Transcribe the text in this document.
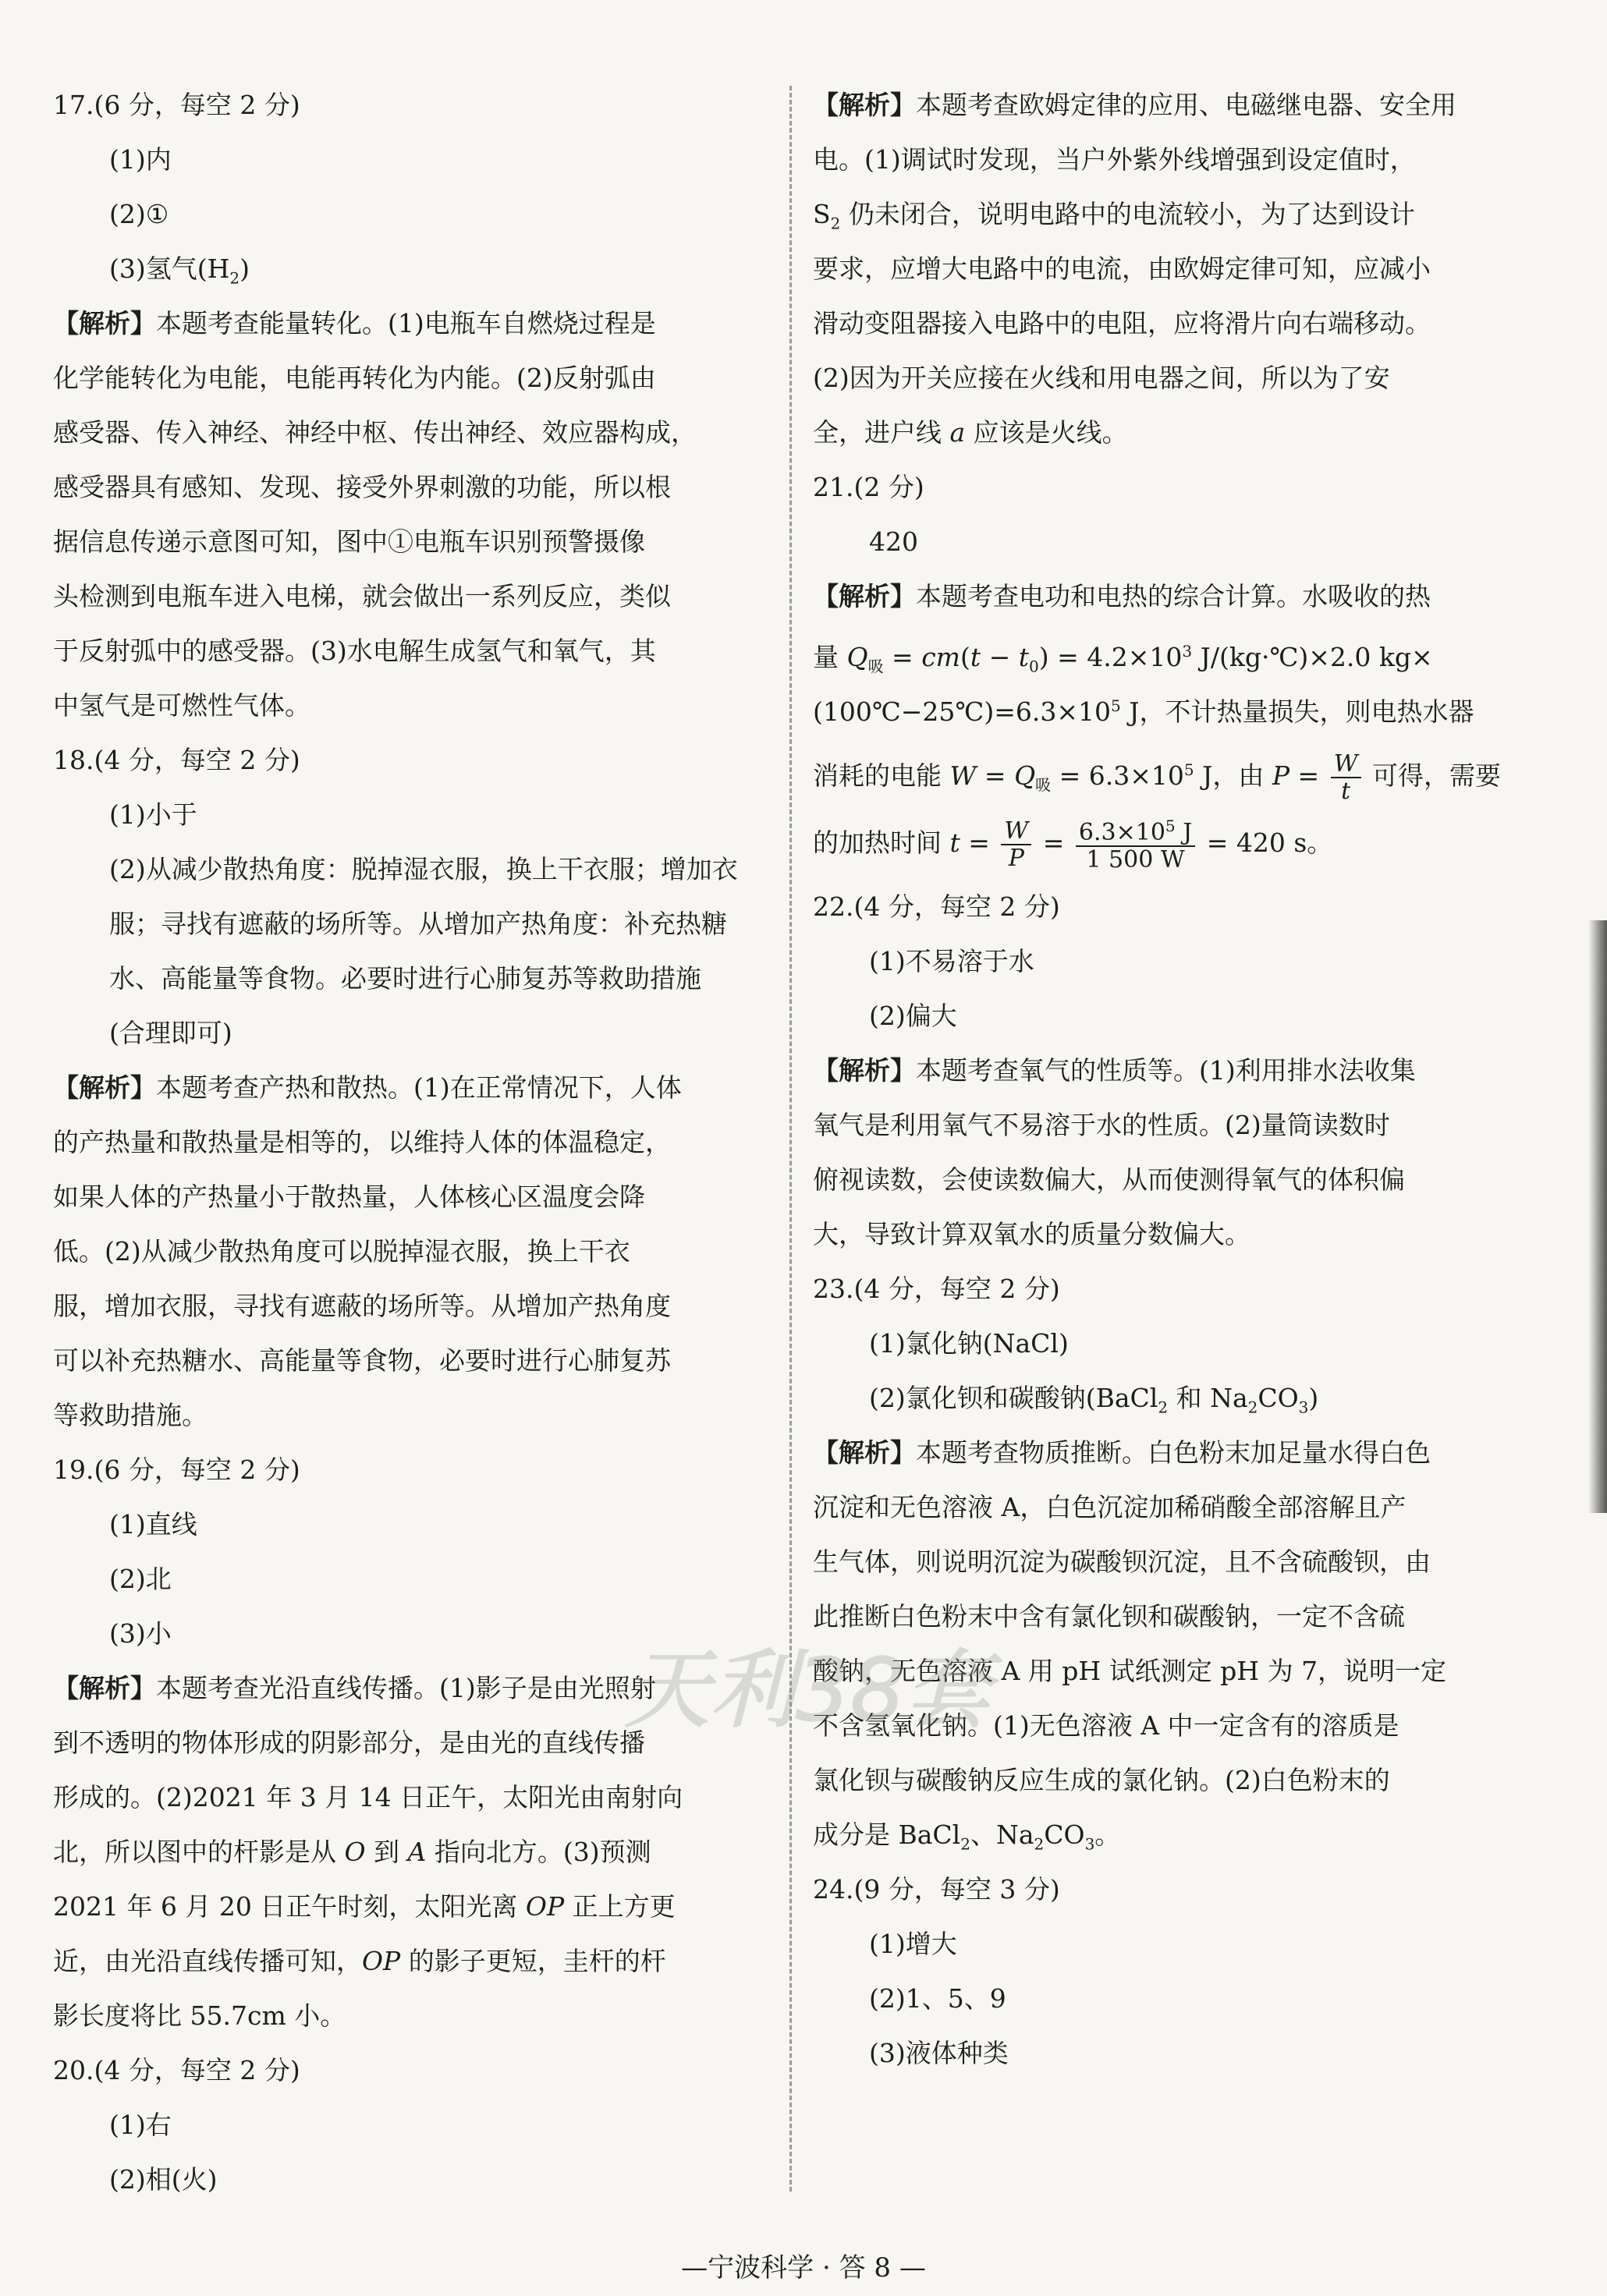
17.(6 分，每空 2 分)
(1)内
(2)①
(3)氢气$(H_2)$
【解析】本题考查能量转化。(1)电瓶车自燃烧过程是
化学能转化为电能，电能再转化为内能。(2)反射弧由
感受器、传入神经、神经中枢、传出神经、效应器构成，
感受器具有感知、发现、接受外界刺激的功能，所以根
据信息传递示意图可知，图中①电瓶车识别预警摄像
头检测到电瓶车进入电梯，就会做出一系列反应，类似
于反射弧中的感受器。(3)水电解生成氢气和氧气，其
中氢气是可燃性气体。
18.(4 分，每空 2 分)
(1)小于
(2)从减少散热角度：脱掉湿衣服，换上干衣服；增加衣
服；寻找有遮蔽的场所等。从增加产热角度：补充热糖
水、高能量等食物。必要时进行心肺复苏等救助措施
(合理即可)
【解析】本题考查产热和散热。(1)在正常情况下，人体
的产热量和散热量是相等的，以维持人体的体温稳定，
如果人体的产热量小于散热量，人体核心区温度会降
低。(2)从减少散热角度可以脱掉湿衣服，换上干衣
服，增加衣服，寻找有遮蔽的场所等。从增加产热角度
可以补充热糖水、高能量等食物，必要时进行心肺复苏
等救助措施。
19.(6 分，每空 2 分)
(1)直线
(2)北
(3)小
【解析】本题考查光沿直线传播。(1)影子是由光照射
到不透明的物体形成的阴影部分，是由光的直线传播
形成的。(2)2021 年 3 月 14 日正午，太阳光由南射向
北，所以图中的杆影是从 O 到 A 指向北方。(3)预测
2021 年 6 月 20 日正午时刻，太阳光离 OP 正上方更
近，由光沿直线传播可知，OP 的影子更短，圭杆的杆
影长度将比 55.7cm 小。
20.(4 分，每空 2 分)
(1)右
(2)相(火)
【解析】本题考查欧姆定律的应用、电磁继电器、安全用
电。(1)调试时发现，当户外紫外线增强到设定值时，
$S_2$ 仍未闭合，说明电路中的电流较小，为了达到设计
要求，应增大电路中的电流，由欧姆定律可知，应减小
滑动变阻器接入电路中的电阻，应将滑片向右端移动。
(2)因为开关应接在火线和用电器之间，所以为了安
全，进户线 a 应该是火线。
21.(2 分)
420
【解析】本题考查电功和电热的综合计算。水吸收的热
量 $Q_吸 = cm(t - t_0) = 4.2\times 10^3$ J/(kg·℃)×2.0 kg×
$(100℃-25℃)=6.3\times 10^5$ J，不计热量损失，则电热水器
消耗的电能 $W = Q_吸 = 6.3\times 10^5$ J，由 $P = \frac{W}{t}$ 可得，需要
的加热时间 $t = \frac{W}{P} = \frac{6.3\times 10^5 J}{1 500 W} = 420$ s。
22.(4 分，每空 2 分)
(1)不易溶于水
(2)偏大
【解析】本题考查氧气的性质等。(1)利用排水法收集
氧气是利用氧气不易溶于水的性质。(2)量筒读数时
俯视读数，会使读数偏大，从而使测得氧气的体积偏
大，导致计算双氧水的质量分数偏大。
23.(4 分，每空 2 分)
(1)氯化钠(NaCl)
(2)氯化钡和碳酸钠(BaCl$_2$ 和 $Na_2CO_3$)
【解析】本题考查物质推断。白色粉末加足量水得白色
沉淀和无色溶液 A，白色沉淀加稀硝酸全部溶解且产
生气体，则说明沉淀为碳酸钡沉淀，且不含硫酸钡，由
此推断白色粉末中含有氯化钡和碳酸钠，一定不含硫
酸钠，无色溶液 A 用 pH 试纸测定 pH 为 7，说明一定
不含氢氧化钠。(1)无色溶液 A 中一定含有的溶质是
氯化钡与碳酸钠反应生成的氯化钠。(2)白色粉末的
成分是 BaCl$_2$、$Na_2CO_3$。
24.(9 分，每空 3 分)
(1)增大
(2)1、5、9
(3)液体种类
天利38套
—宁波科学 · 答 8 —
